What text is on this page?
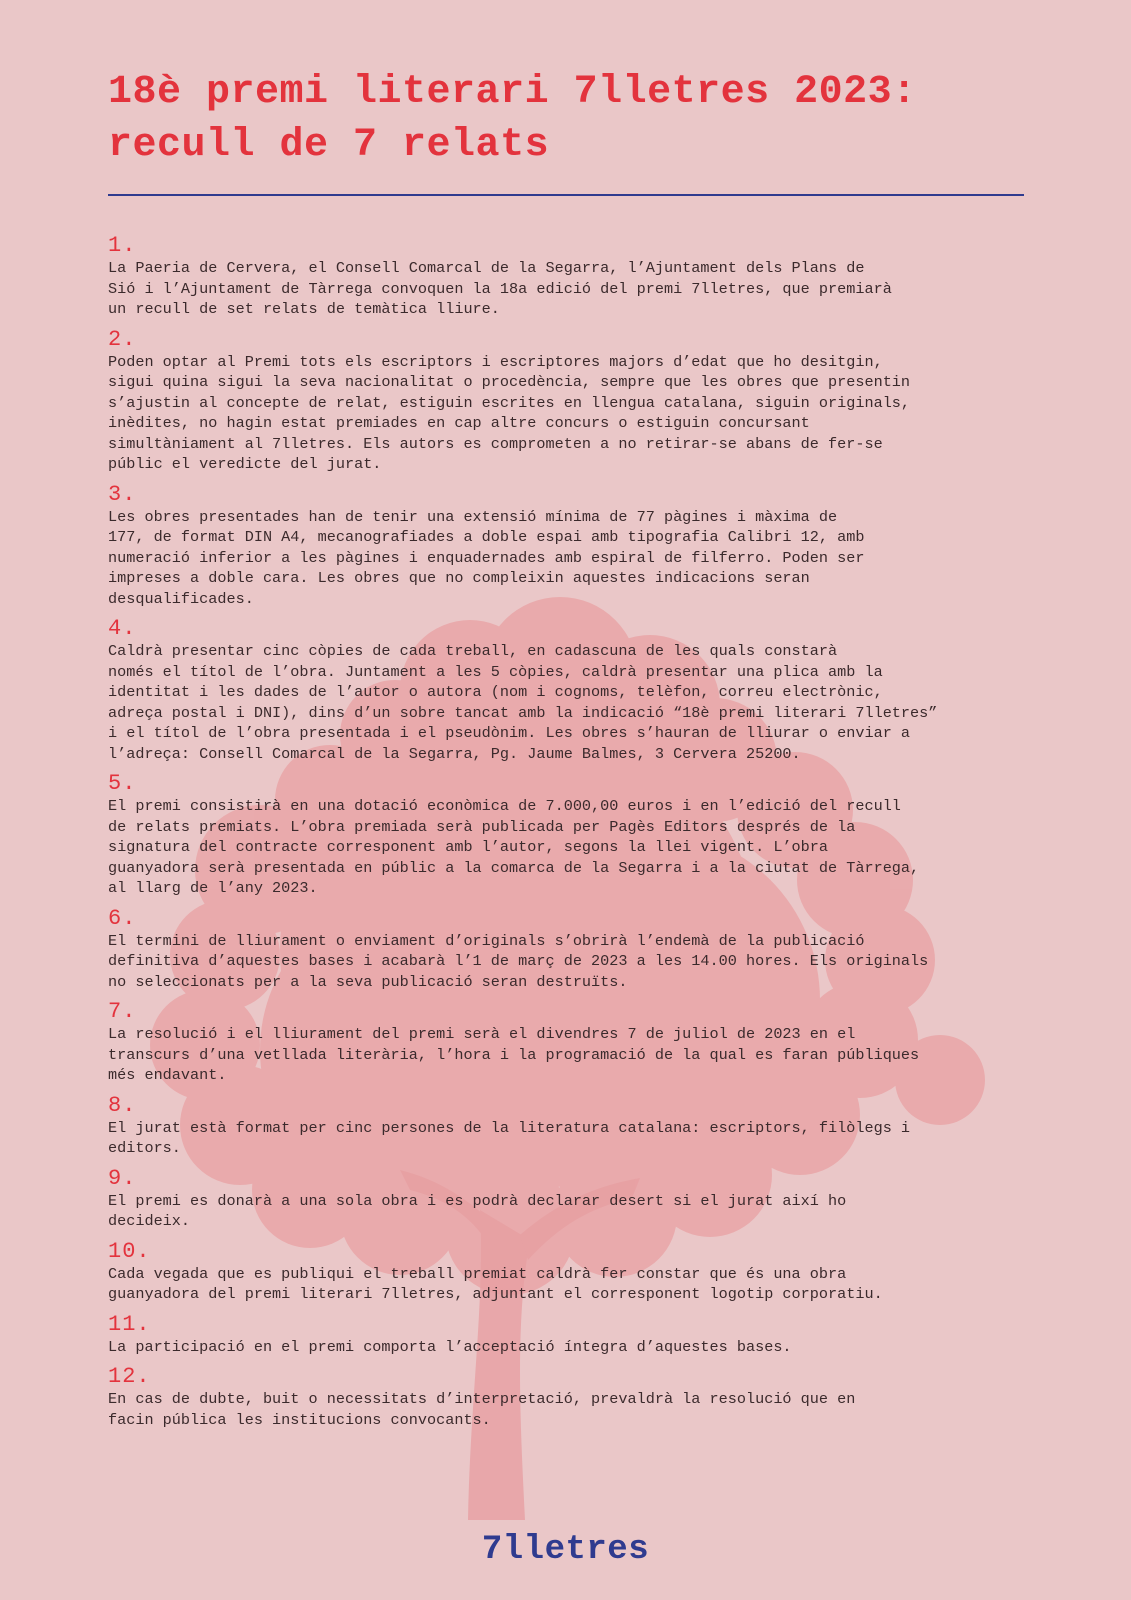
18è premi literari 7lletres 2023:
recull de 7 relats
1.
La Paeria de Cervera, el Consell Comarcal de la Segarra, l’Ajuntament dels Plans de
Sió i l’Ajuntament de Tàrrega convoquen la 18a edició del premi 7lletres, que premiarà
un recull de set relats de temàtica lliure.
2.
Poden optar al Premi tots els escriptors i escriptores majors d’edat que ho desitgin,
sigui quina sigui la seva nacionalitat o procedència, sempre que les obres que presentin
s’ajustin al concepte de relat, estiguin escrites en llengua catalana, siguin originals,
inèdites, no hagin estat premiades en cap altre concurs o estiguin concursant
simultàniament al 7lletres. Els autors es comprometen a no retirar-se abans de fer-se
públic el veredicte del jurat.
3.
Les obres presentades han de tenir una extensió mínima de 77 pàgines i màxima de
177, de format DIN A4, mecanografiades a doble espai amb tipografia Calibri 12, amb
numeració inferior a les pàgines i enquadernades amb espiral de filferro. Poden ser
impreses a doble cara. Les obres que no compleixin aquestes indicacions seran
desqualificades.
4.
Caldrà presentar cinc còpies de cada treball, en cadascuna de les quals constarà
només el títol de l’obra. Juntament a les 5 còpies, caldrà presentar una plica amb la
identitat i les dades de l’autor o autora (nom i cognoms, telèfon, correu electrònic,
adreça postal i DNI), dins d’un sobre tancat amb la indicació “18è premi literari 7lletres”
i el títol de l’obra presentada i el pseudònim. Les obres s’hauran de lliurar o enviar a
l’adreça: Consell Comarcal de la Segarra, Pg. Jaume Balmes, 3 Cervera 25200.
5.
El premi consistirà en una dotació econòmica de 7.000,00 euros i en l’edició del recull
de relats premiats. L’obra premiada serà publicada per Pagès Editors després de la
signatura del contracte corresponent amb l’autor, segons la llei vigent. L’obra
guanyadora serà presentada en públic a la comarca de la Segarra i a la ciutat de Tàrrega,
al llarg de l’any 2023.
6.
El termini de lliurament o enviament d’originals s’obrirà l’endemà de la publicació
definitiva d’aquestes bases i acabarà l’1 de març de 2023 a les 14.00 hores. Els originals
no seleccionats per a la seva publicació seran destruïts.
7.
La resolució i el lliurament del premi serà el divendres 7 de juliol de 2023 en el
transcurs d’una vetllada literària, l’hora i la programació de la qual es faran públiques
més endavant.
8.
El jurat està format per cinc persones de la literatura catalana: escriptors, filòlegs i
editors.
9.
El premi es donarà a una sola obra i es podrà declarar desert si el jurat així ho
decideix.
10.
Cada vegada que es publiqui el treball premiat caldrà fer constar que és una obra
guanyadora del premi literari 7lletres, adjuntant el corresponent logotip corporatiu.
11.
La participació en el premi comporta l’acceptació íntegra d’aquestes bases.
12.
En cas de dubte, buit o necessitats d’interpretació, prevaldrà la resolució que en
facin pública les institucions convocants.
7lletres
